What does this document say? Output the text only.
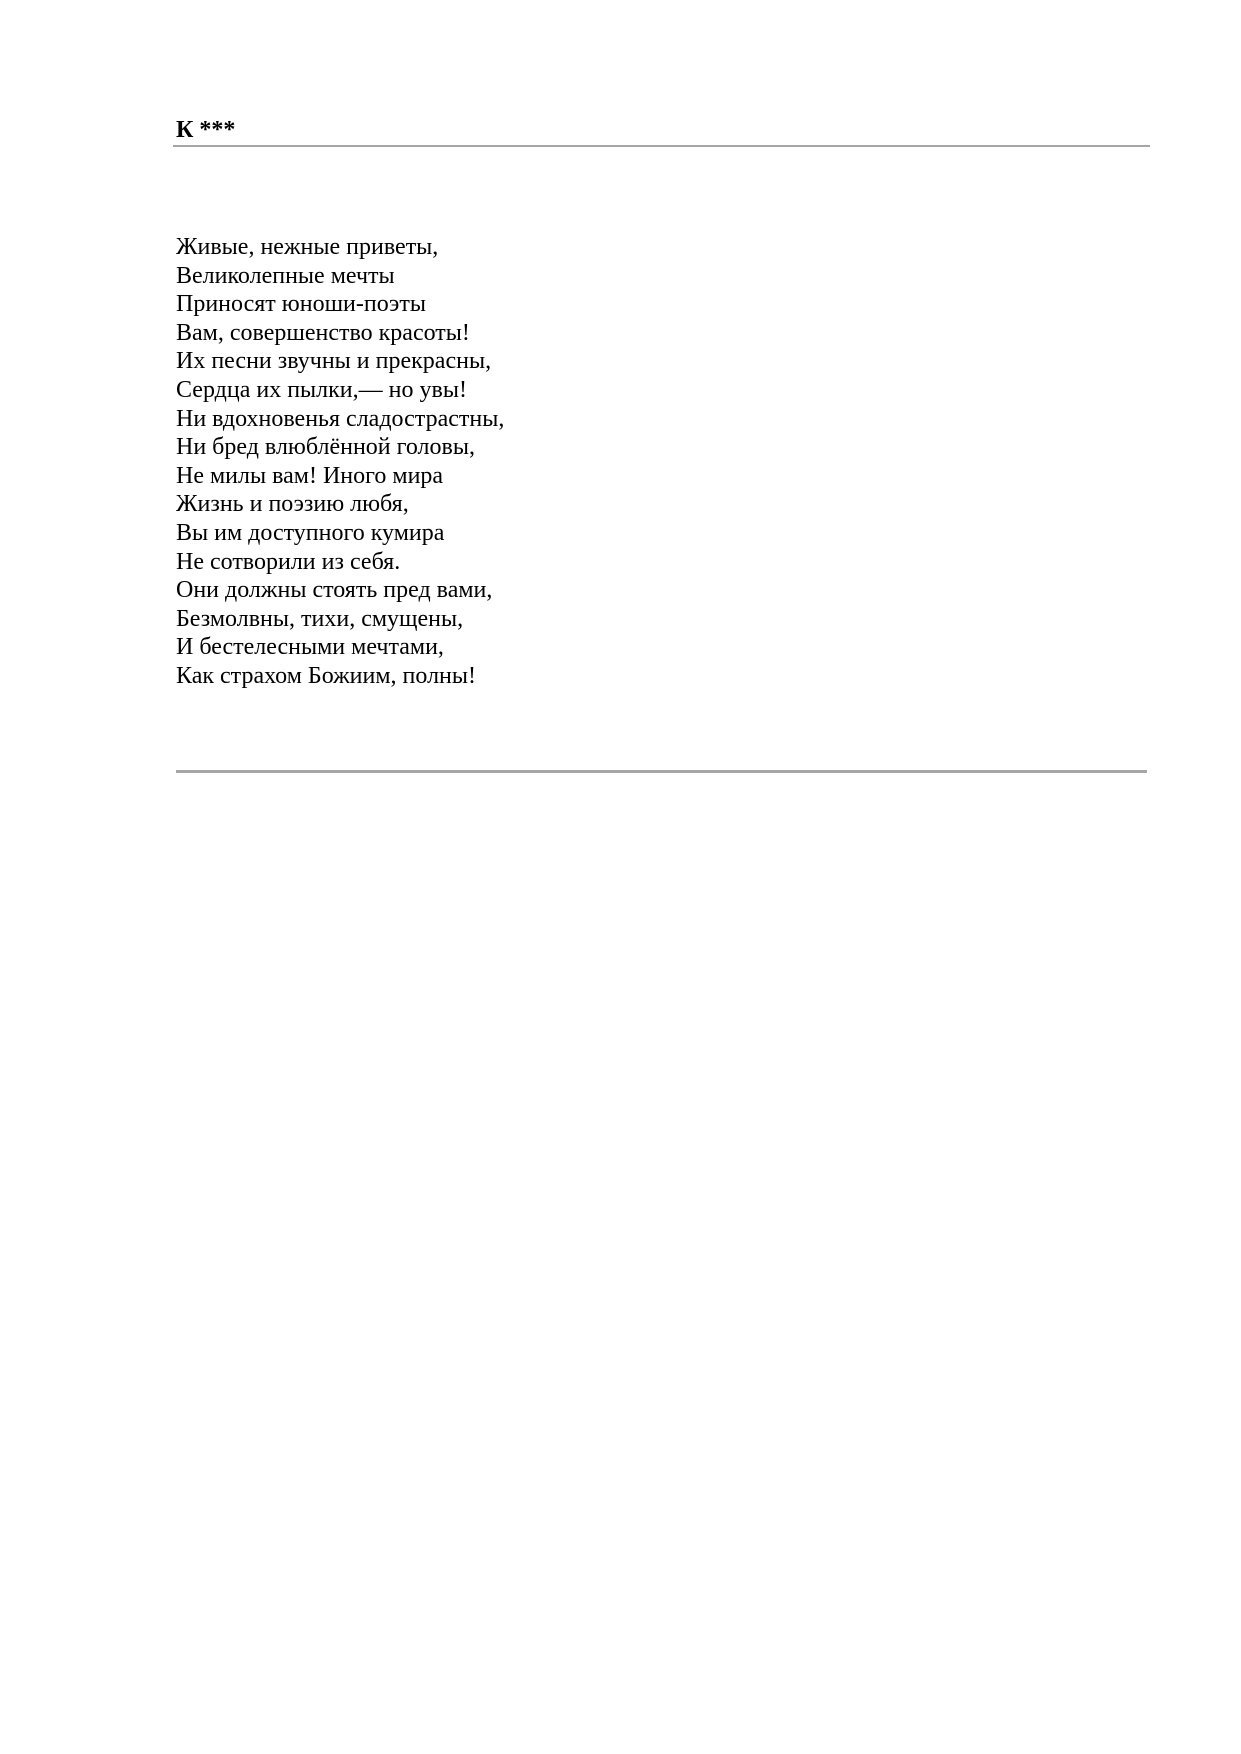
К ***
Живые, нежные приветы,
Великолепные мечты
Приносят юноши-поэты
Вам, совершенство красоты!
Их песни звучны и прекрасны,
Сердца их пылки,— но увы!
Ни вдохновенья сладострастны,
Ни бред влюблённой головы,
Не милы вам! Иного мира
Жизнь и поэзию любя,
Вы им доступного кумира
Не сотворили из себя.
Они должны стоять пред вами,
Безмолвны, тихи, смущены,
И бестелесными мечтами,
Как страхом Божиим, полны!
